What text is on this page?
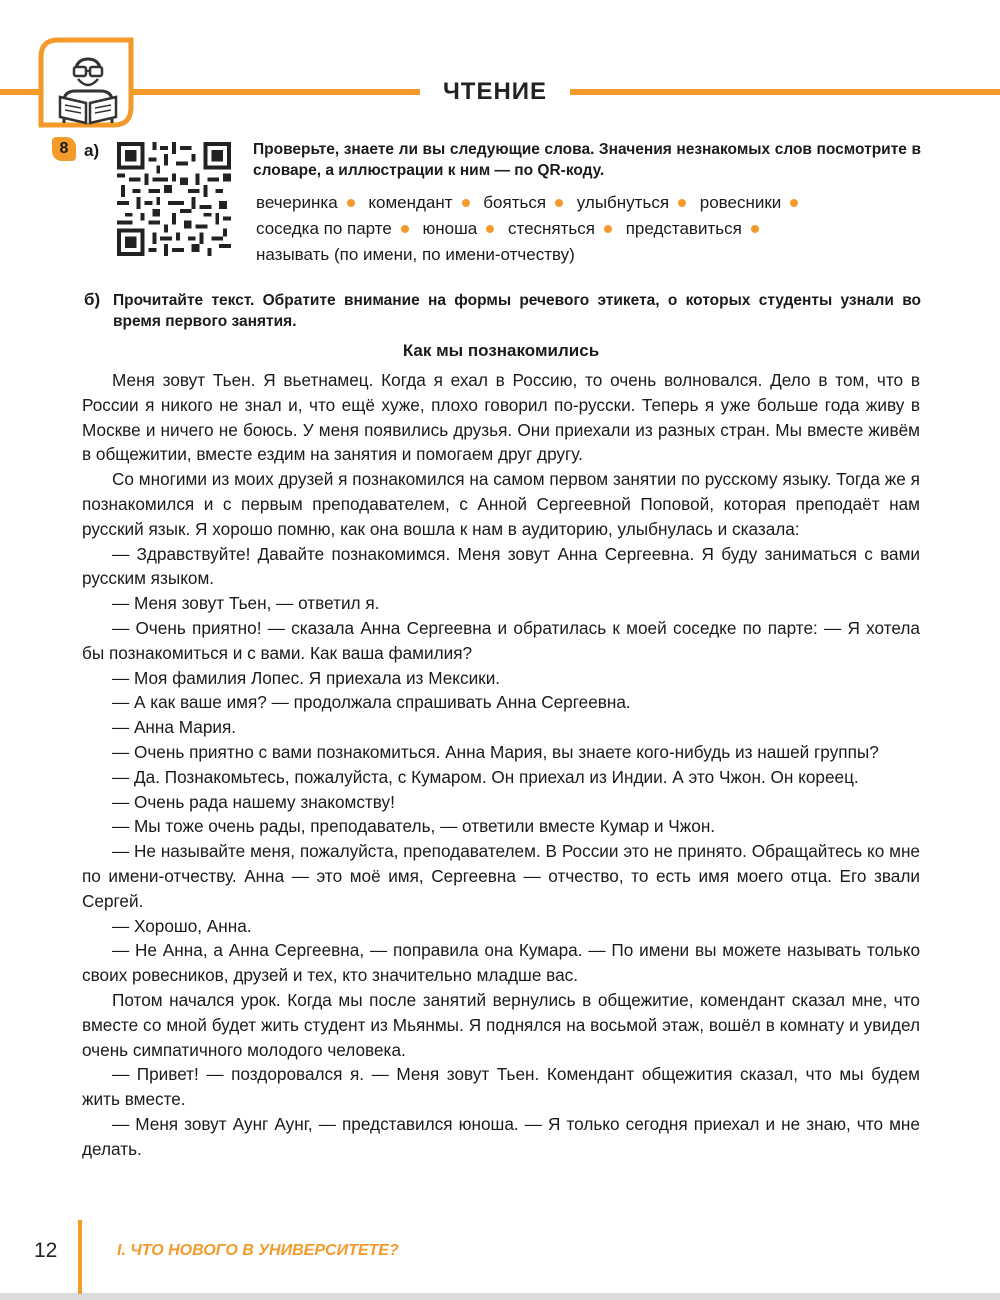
ЧТЕНИЕ
8 а)	Проверьте, знаете ли вы следующие слова. Значения незнакомых слов посмотрите в словаре, а иллюстрации к ним — по QR-коду.
вечеринка комендант бояться улыбнуться ровесники
соседка по парте юноша стесняться представиться
называть (по имени, по имени-отчеству)
б) Прочитайте текст. Обратите внимание на формы речевого этикета, о которых студенты узнали во время первого занятия.
Как мы познакомились

Меня зовут Тьен. Я вьетнамец. Когда я ехал в Россию, то очень волновался. Дело в том, что в России я никого не знал и, что ещё хуже, плохо говорил по-русски. Теперь я уже больше года живу в Москве и ничего не боюсь. У меня появились друзья. Они приехали из разных стран. Мы вместе живём в общежитии, вместе ездим на занятия и помогаем друг другу.

Со многими из моих друзей я познакомился на самом первом занятии по русскому языку. Тогда же я познакомился и с первым преподавателем, с Анной Сергеевной Поповой, которая преподаёт нам русский язык. Я хорошо помню, как она вошла к нам в аудиторию, улыбнулась и сказала:

— Здравствуйте! Давайте познакомимся. Меня зовут Анна Сергеевна. Я буду заниматься с вами русским языком.

— Меня зовут Тьен, — ответил я.

— Очень приятно! — сказала Анна Сергеевна и обратилась к моей соседке по парте: — Я хотела бы познакомиться и с вами. Как ваша фамилия?

— Моя фамилия Лопес. Я приехала из Мексики.

— А как ваше имя? — продолжала спрашивать Анна Сергеевна.

— Анна Мария.

— Очень приятно с вами познакомиться. Анна Мария, вы знаете кого-нибудь из нашей группы?

— Да. Познакомьтесь, пожалуйста, с Кумаром. Он приехал из Индии. А это Чжон. Он кореец.

— Очень рада нашему знакомству!

— Мы тоже очень рады, преподаватель, — ответили вместе Кумар и Чжон.

— Не называйте меня, пожалуйста, преподавателем. В России это не принято. Обращайтесь ко мне по имени-отчеству. Анна — это моё имя, Сергеевна — отчество, то есть имя моего отца. Его звали Сергей.

— Хорошо, Анна.

— Не Анна, а Анна Сергеевна, — поправила она Кумара. — По имени вы можете называть только своих ровесников, друзей и тех, кто значительно младше вас.

Потом начался урок. Когда мы после занятий вернулись в общежитие, комендант сказал мне, что вместе со мной будет жить студент из Мьянмы. Я поднялся на восьмой этаж, вошёл в комнату и увидел очень симпатичного молодого человека.

— Привет! — поздоровался я. — Меня зовут Тьен. Комендант общежития сказал, что мы будем жить вместе.

— Меня зовут Аунг Аунг, — представился юноша. — Я только сегодня приехал и не знаю, что мне делать.

12	I. ЧТО НОВОГО В УНИВЕРСИТЕТЕ?
